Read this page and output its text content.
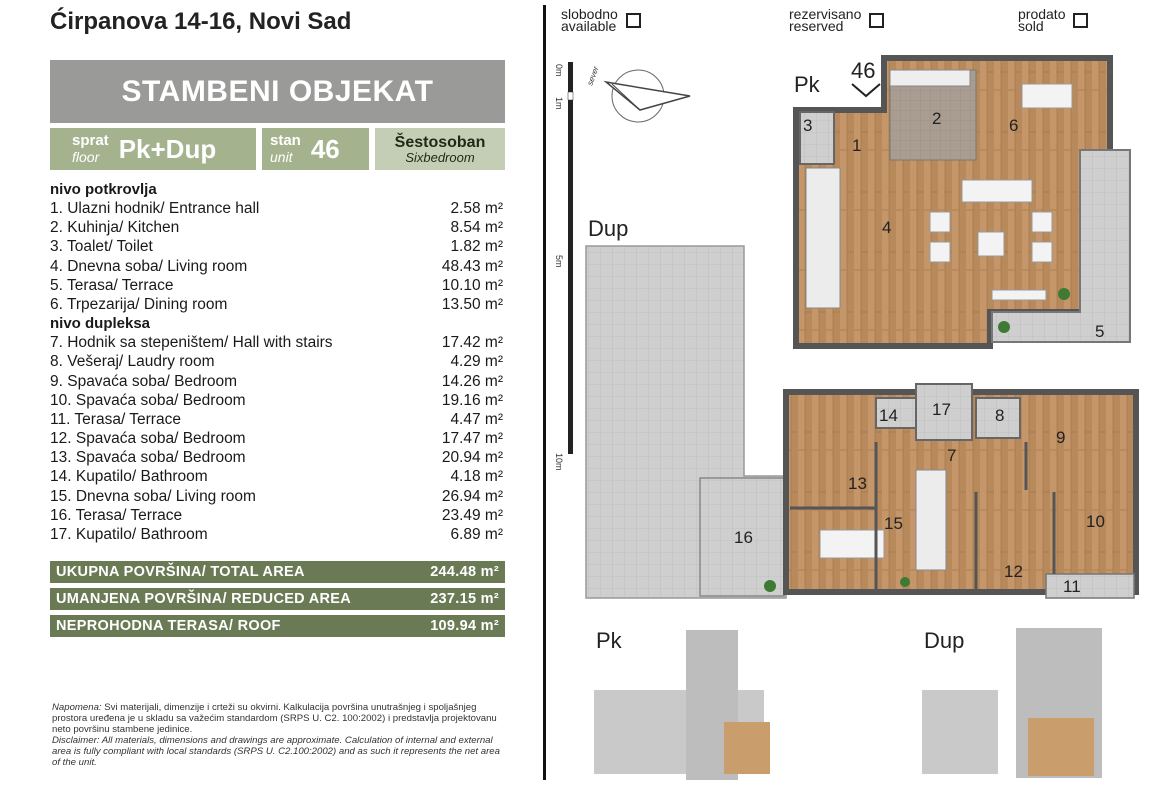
Ćirpanova 14-16, Novi Sad
STAMBENI OBJEKAT
sprat
floor Pk+Dup	stan
unit 46	Šestosoban
Sixbedroom
nivo potkrovlja
1. Ulazni hodnik/ Entrance hall	2.58 m²
2. Kuhinja/ Kitchen	8.54 m²
3. Toalet/ Toilet	1.82 m²
4. Dnevna soba/ Living room	48.43 m²
5. Terasa/ Terrace	10.10 m²
6. Trpezarija/ Dining room	13.50 m²
nivo dupleksa
7. Hodnik sa stepeništem/ Hall with stairs	17.42 m²
8. Vešeraj/ Laudry room	4.29 m²
9. Spavaća soba/ Bedroom	14.26 m²
10. Spavaća soba/ Bedroom	19.16 m²
11. Terasa/ Terrace	4.47 m²
12. Spavaća soba/ Bedroom	17.47 m²
13. Spavaća soba/ Bedroom	20.94 m²
14. Kupatilo/ Bathroom	4.18 m²
15. Dnevna soba/ Living room	26.94 m²
16. Terasa/ Terrace	23.49 m²
17. Kupatilo/ Bathroom	6.89 m²
UKUPNA POVRŠINA/ TOTAL AREA	244.48 m²
UMANJENA POVRŠINA/ REDUCED AREA	237.15 m²
NEPROHODNA TERASA/ ROOF	109.94 m²
Napomena: Svi materijali, dimenzije i crteži su okvirni. Kalkulacija površina unutrašnjeg i spoljašnjeg prostora uređena je u skladu sa važećim standardom (SRPS U. C2. 100:2002) i predstavlja projektovanu neto površinu stambene jedinice.
Disclaimer: All materials, dimensions and drawings are approximate. Calculation of internal and external area is fully compliant with local standards (SRPS U. C2.100:2002) and as such it represents the net area of the unit.
slobodno
available
rezervisano
reserved
prodato
sold
0m
1m
5m
10m
sever	Pk
46
Dup
Pk	Dup
1
2
3
4
5
6
7
8
9
10
11
12
13
14
15
16
17
